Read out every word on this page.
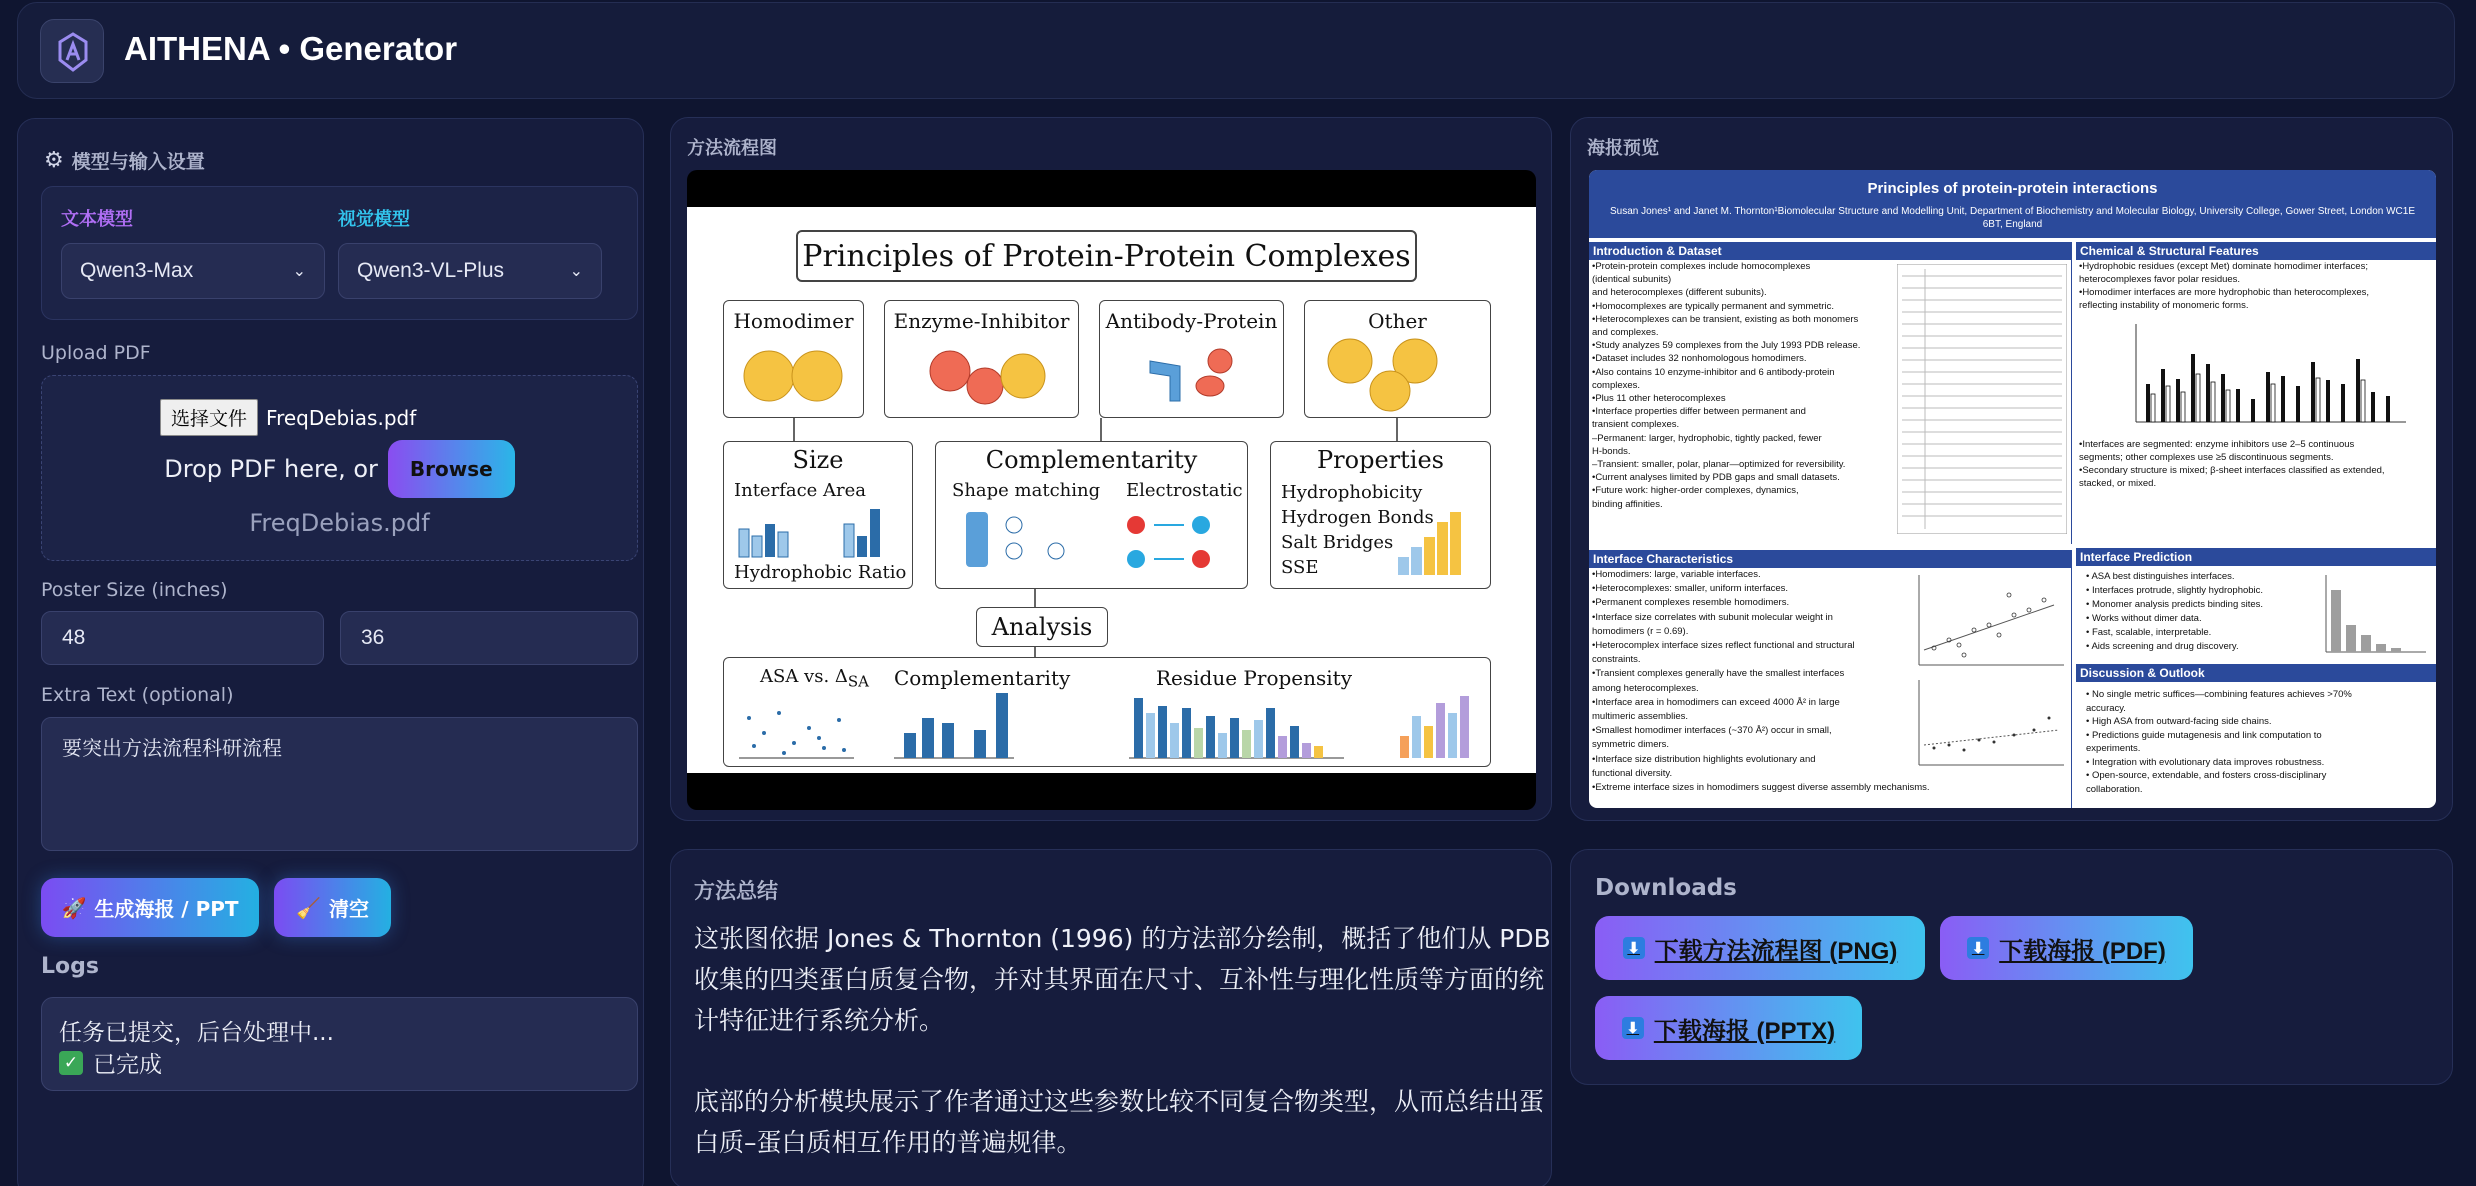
AITHENA • Generator
⚙ 模型与输入设置
文本模型	视觉模型
Qwen3-Max	⌄ Qwen3-VL-Plus	⌄
Upload PDF
选择文件 FreqDebias.pdf
Drop PDF here, or	Browse
FreqDebias.pdf
Poster Size (inches)
48	36
Extra Text (optional)
要突出方法流程科研流程
🚀 生成海报 / PPT	🧹 清空
Logs
任务已提交，后台处理中...
✓ 已完成
方法流程图
Principles of Protein-Protein Complexes
Homodimer	Enzyme-Inhibitor	Antibody-Protein	Other
Size
Interface Area
Hydrophobic Ratio
Complementarity
Shape matching Electrostatic
Properties
Hydrophobicity
Hydrogen Bonds
Salt Bridges
SSE
Analysis
ASA vs. $\Delta_{SA}$ Complementarity	Residue Propensity
海报预览
Principles of protein-protein interactions
Susan Jones¹ and Janet M. Thornton¹Biomolecular Structure and Modelling Unit, Department of Biochemistry and Molecular Biology, University College, Gower Street, London WC1E 6BT, England
Introduction & Dataset
•Protein-protein complexes include homocomplexes
(identical subunits)
and heterocomplexes (different subunits).
•Homocomplexes are typically permanent and symmetric.
•Heterocomplexes can be transient, existing as both monomers
and complexes.
•Study analyzes 59 complexes from the July 1993 PDB release.
•Dataset includes 32 nonhomologous homodimers.
•Also contains 10 enzyme-inhibitor and 6 antibody-protein
complexes.
•Plus 11 other heterocomplexes
•Interface properties differ between permanent and
transient complexes.
–Permanent: larger, hydrophobic, tightly packed, fewer
H-bonds.
–Transient: smaller, polar, planar—optimized for reversibility.
•Current analyses limited by PDB gaps and small datasets.
•Future work: higher-order complexes, dynamics,
binding affinities.
Chemical & Structural Features
•Hydrophobic residues (except Met) dominate homodimer interfaces;
heterocomplexes favor polar residues.
•Homodimer interfaces are more hydrophobic than heterocomplexes,
reflecting instability of monomeric forms.
•Interfaces are segmented: enzyme inhibitors use 2–5 continuous
segments; other complexes use ≥5 discontinuous segments.
•Secondary structure is mixed; β-sheet interfaces classified as extended,
stacked, or mixed.
Interface Characteristics
•Homodimers: large, variable interfaces.
•Heterocomplexes: smaller, uniform interfaces.
•Permanent complexes resemble homodimers.
•Interface size correlates with subunit molecular weight in
homodimers (r = 0.69).
•Heterocomplex interface sizes reflect functional and structural
constraints.
•Transient complexes generally have the smallest interfaces
among heterocomplexes.
•Interface area in homodimers can exceed 4000 Å² in large
multimeric assemblies.
•Smallest homodimer interfaces (~370 Å²) occur in small,
symmetric dimers.
•Interface size distribution highlights evolutionary and
functional diversity.
•Extreme interface sizes in homodimers suggest diverse assembly mechanisms.
Interface Prediction
• ASA best distinguishes interfaces.
• Interfaces protrude, slightly hydrophobic.
• Monomer analysis predicts binding sites.
• Works without dimer data.
• Fast, scalable, interpretable.
• Aids screening and drug discovery.
Discussion & Outlook
• No single metric suffices—combining features achieves >70%
accuracy.
• High ASA from outward-facing side chains.
• Predictions guide mutagenesis and link computation to
experiments.
• Integration with evolutionary data improves robustness.
• Open-source, extendable, and fosters cross-disciplinary
collaboration.
方法总结
这张图依据 Jones & Thornton (1996) 的方法部分绘制，概括了他们从 PDB
收集的四类蛋白质复合物，并对其界面在尺寸、互补性与理化性质等方面的统
计特征进行系统分析。
底部的分析模块展示了作者通过这些参数比较不同复合物类型，从而总结出蛋
白质–蛋白质相互作用的普遍规律。
Downloads
⬇ 下载方法流程图 (PNG)	⬇ 下载海报 (PDF)
⬇ 下载海报 (PPTX)
